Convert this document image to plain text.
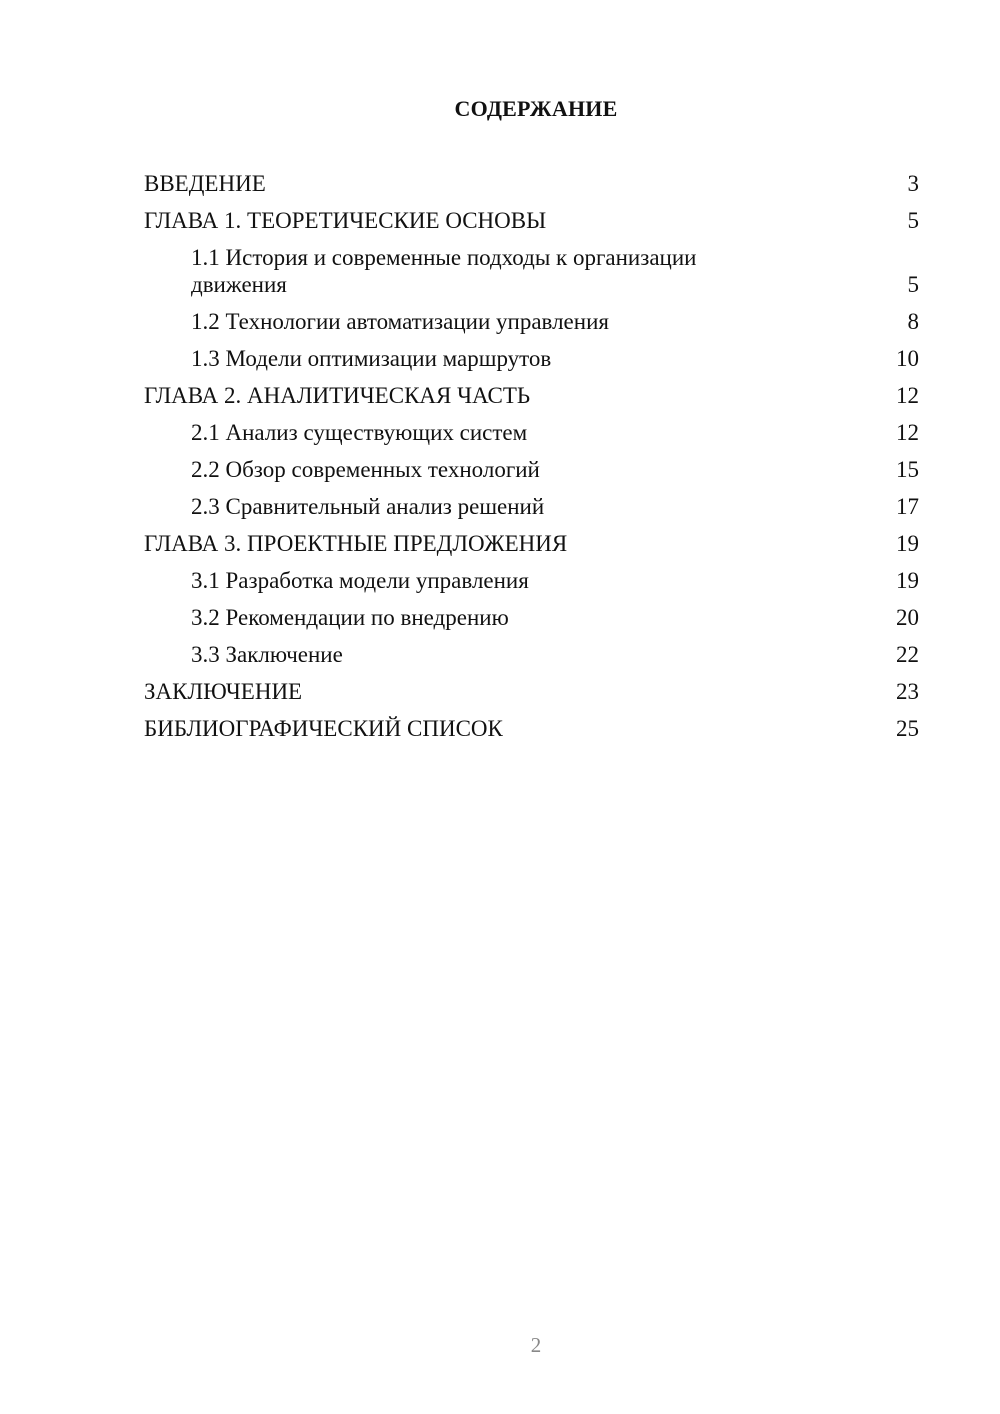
СОДЕРЖАНИЕ
ВВЕДЕНИЕ	3
ГЛАВА 1. ТЕОРЕТИЧЕСКИЕ ОСНОВЫ	5
1.1 История и современные подходы к организации движения	5
1.2 Технологии автоматизации управления	8
1.3 Модели оптимизации маршрутов	10
ГЛАВА 2. АНАЛИТИЧЕСКАЯ ЧАСТЬ	12
2.1 Анализ существующих систем	12
2.2 Обзор современных технологий	15
2.3 Сравнительный анализ решений	17
ГЛАВА 3. ПРОЕКТНЫЕ ПРЕДЛОЖЕНИЯ	19
3.1 Разработка модели управления	19
3.2 Рекомендации по внедрению	20
3.3 Заключение	22
ЗАКЛЮЧЕНИЕ	23
БИБЛИОГРАФИЧЕСКИЙ СПИСОК	25
2
